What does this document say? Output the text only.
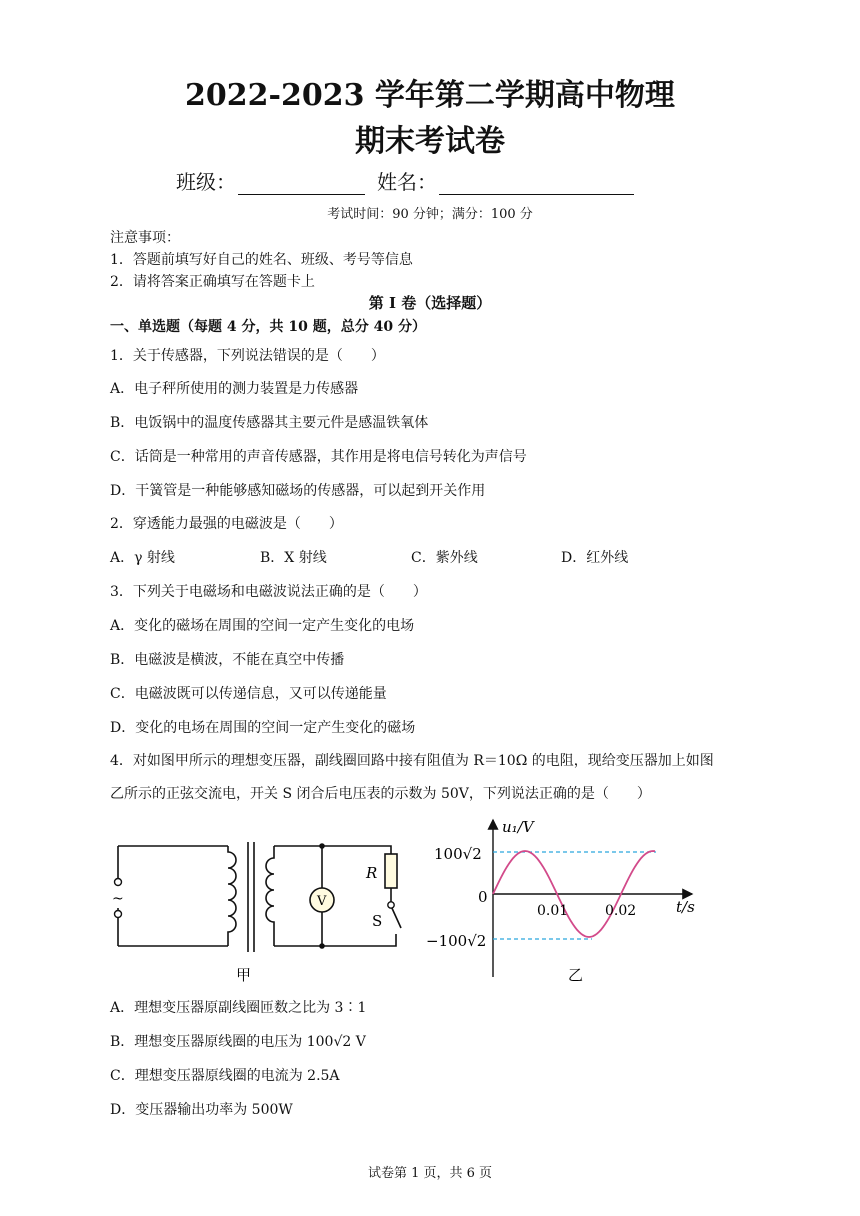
2022-2023 学年第二学期高中物理
期末考试卷
班级：	姓名：
考试时间：90 分钟；满分：100 分
注意事项：
1．答题前填写好自己的姓名、班级、考号等信息
2．请将答案正确填写在答题卡上
第 I 卷（选择题）
一、单选题（每题 4 分，共 10 题，总分 40 分）
1．关于传感器，下列说法错误的是（　　）
A．电子秤所使用的测力装置是力传感器
B．电饭锅中的温度传感器其主要元件是感温铁氧体
C．话筒是一种常用的声音传感器，其作用是将电信号转化为声信号
D．干簧管是一种能够感知磁场的传感器，可以起到开关作用
2．穿透能力最强的电磁波是（　　）
A．γ 射线	B．X 射线	C．紫外线	D．红外线
3．下列关于电磁场和电磁波说法正确的是（　　）
A．变化的磁场在周围的空间一定产生变化的电场
B．电磁波是横波，不能在真空中传播
C．电磁波既可以传递信息，又可以传递能量
D．变化的电场在周围的空间一定产生变化的磁场
4．对如图甲所示的理想变压器，副线圈回路中接有阻值为 R＝10Ω 的电阻，现给变压器加上如图
乙所示的正弦交流电，开关 S 闭合后电压表的示数为 50V，下列说法正确的是（　　）
~	V
R
S
甲
u₁/V
t/s
0
100√2
−100√2
0.01	0.02
乙
A．理想变压器原副线圈匝数之比为 3∶1
B．理想变压器原线圈的电压为 100√2 V
C．理想变压器原线圈的电流为 2.5A
D．变压器输出功率为 500W
试卷第 1 页，共 6 页
